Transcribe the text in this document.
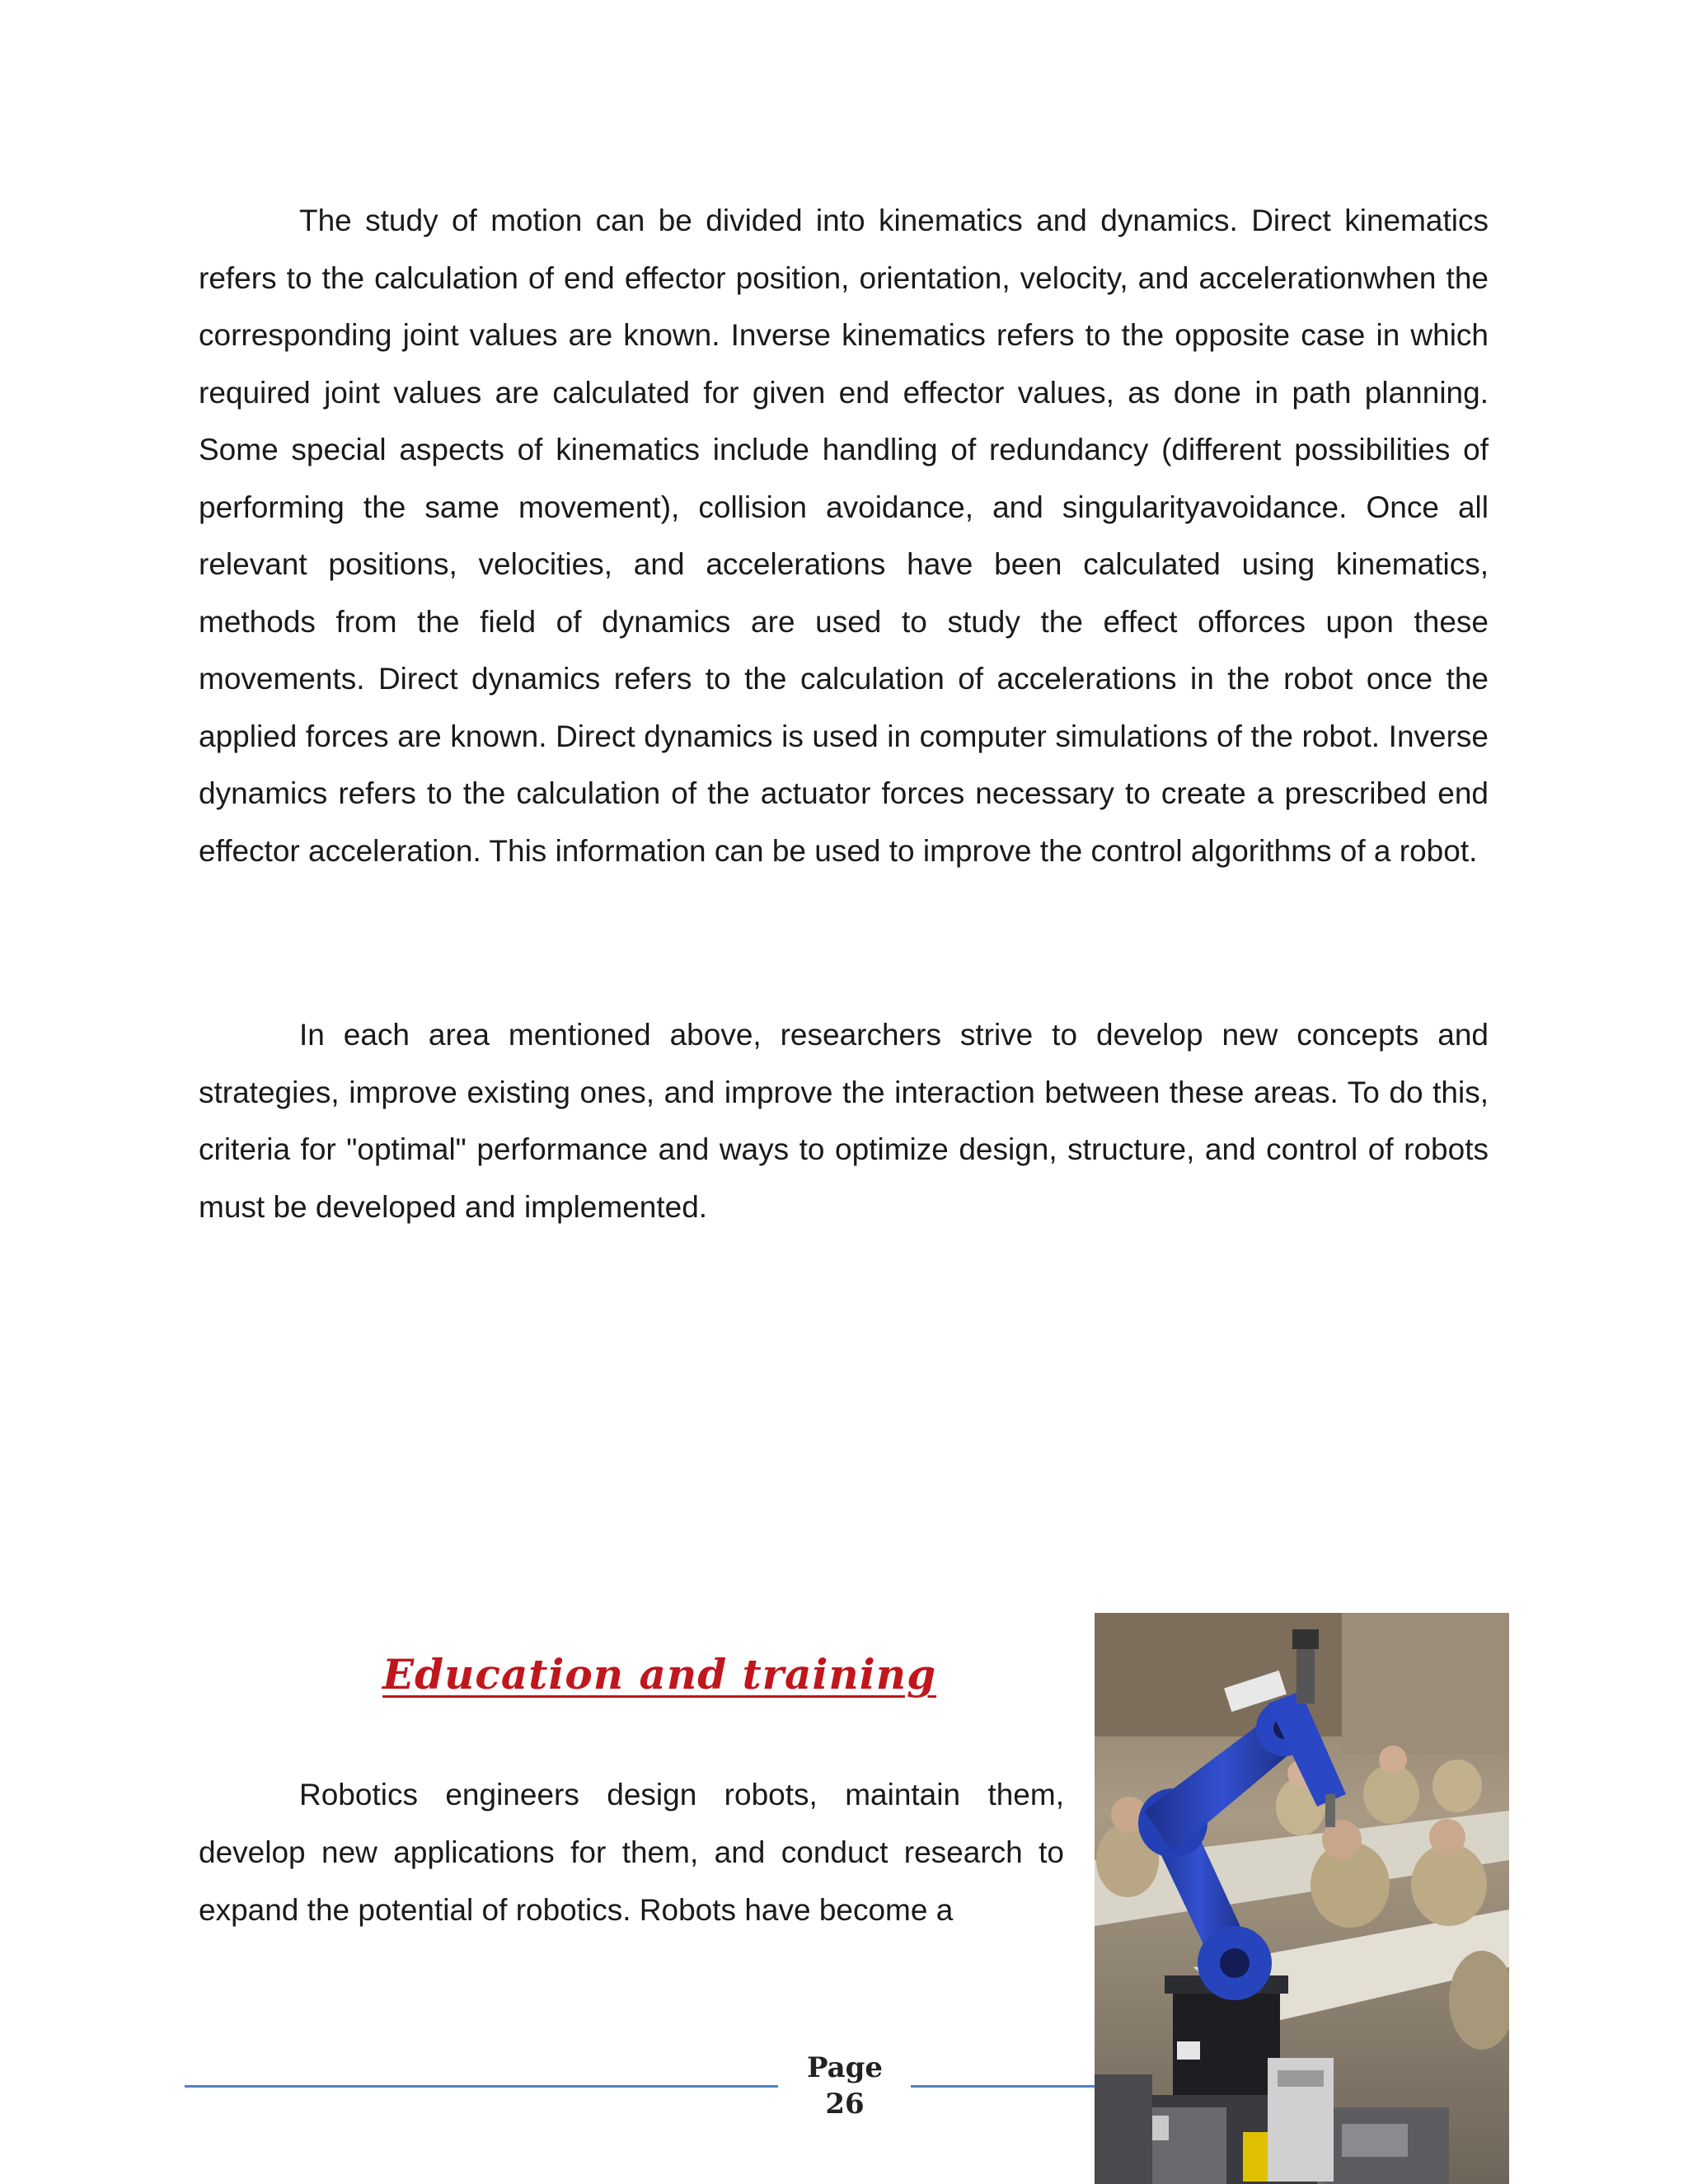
The study of motion can be divided into kinematics and dynamics. Direct kinematics refers to the calculation of end effector position, orientation, velocity, and accelerationwhen the corresponding joint values are known. Inverse kinematics refers to the opposite case in which required joint values are calculated for given end effector values, as done in path planning. Some special aspects of kinematics include handling of redundancy (different possibilities of performing the same movement), collision avoidance, and singularityavoidance. Once all relevant positions, velocities, and accelerations have been calculated using kinematics, methods from the field of dynamics are used to study the effect offorces upon these movements. Direct dynamics refers to the calculation of accelerations in the robot once the applied forces are known. Direct dynamics is used in computer simulations of the robot. Inverse dynamics refers to the calculation of the actuator forces necessary to create a prescribed end effector acceleration. This information can be used to improve the control algorithms of a robot.

In each area mentioned above, researchers strive to develop new concepts and strategies, improve existing ones, and improve the interaction between these areas. To do this, criteria for "optimal" performance and ways to optimize design, structure, and control of robots must be developed and implemented.

Education and training

Robotics engineers design robots, maintain them, develop new applications for them, and conduct research to expand the potential of robotics. Robots have become a

Page
26
